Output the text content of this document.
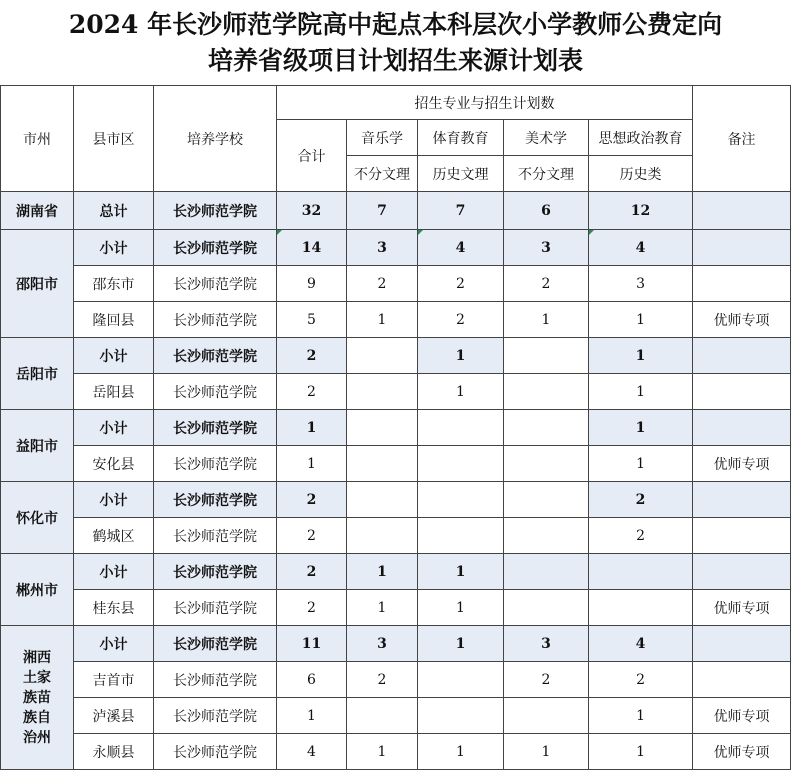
2024 年长沙师范学院高中起点本科层次小学教师公费定向
培养省级项目计划招生来源计划表
市州	县市区	培养学校	招生专业与招生计划数					备注
			合计	音乐学	体育教育	美术学	思想政治教育	
				不分文理	历史文理	不分文理	历史类	
湖南省	总计	长沙师范学院	32	7	7	6	12	
邵阳市	小计	长沙师范学院	14	3	4	3	4	
	邵东市	长沙师范学院	9	2	2	2	3	
	隆回县	长沙师范学院	5	1	2	1	1	优师专项
岳阳市	小计	长沙师范学院	2		1		1	
	岳阳县	长沙师范学院	2		1		1	
益阳市	小计	长沙师范学院	1				1	
	安化县	长沙师范学院	1				1	优师专项
怀化市	小计	长沙师范学院	2				2	
	鹤城区	长沙师范学院	2				2	
郴州市	小计	长沙师范学院	2	1	1			
	桂东县	长沙师范学院	2	1	1			优师专项

湘西土家族苗族自治州	小计	长沙师范学院	11	3	1	3	4	
	吉首市	长沙师范学院	6	2		2	2	
	泸溪县	长沙师范学院	1				1	优师专项
	永顺县	长沙师范学院	4	1	1	1	1	优师专项
